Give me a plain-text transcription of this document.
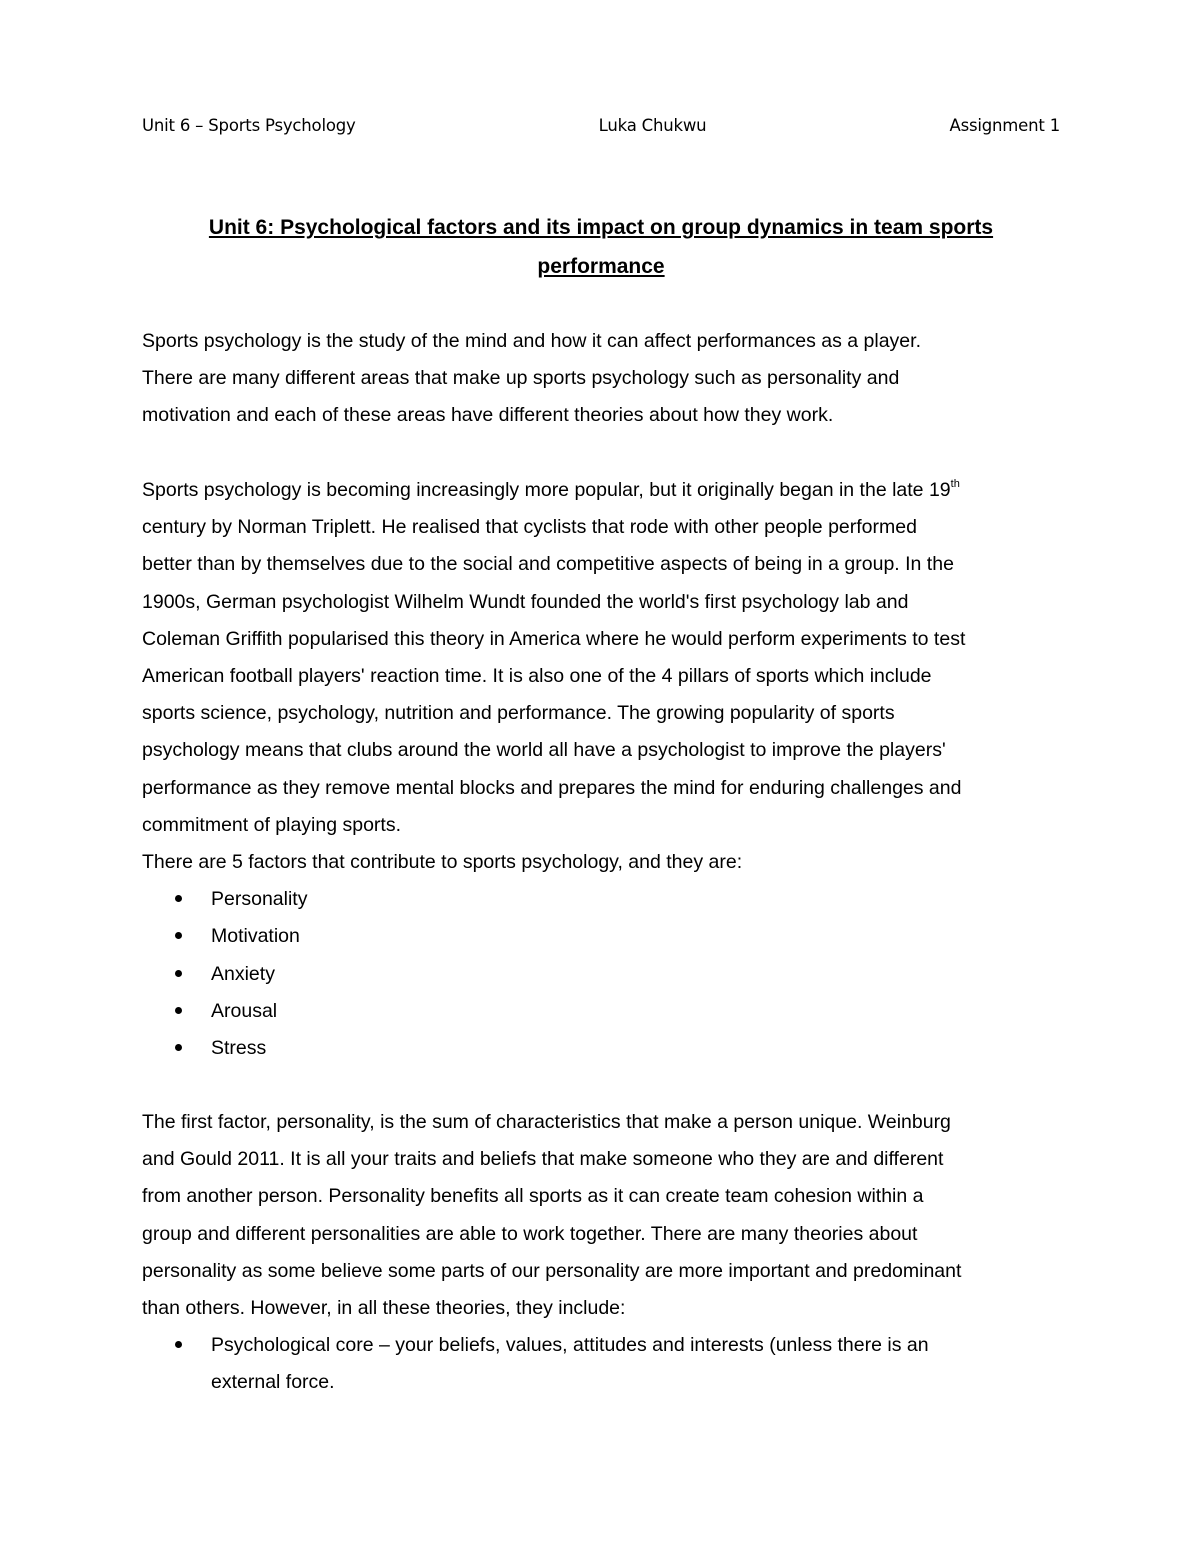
Unit 6 – Sports Psychology	Luka Chukwu	Assignment 1
Unit 6: Psychological factors and its impact on group dynamics in team sports
performance
Sports psychology is the study of the mind and how it can affect performances as a player.
There are many different areas that make up sports psychology such as personality and
motivation and each of these areas have different theories about how they work.
Sports psychology is becoming increasingly more popular, but it originally began in the late 19th
century by Norman Triplett. He realised that cyclists that rode with other people performed
better than by themselves due to the social and competitive aspects of being in a group. In the
1900s, German psychologist Wilhelm Wundt founded the world's first psychology lab and
Coleman Griffith popularised this theory in America where he would perform experiments to test
American football players' reaction time. It is also one of the 4 pillars of sports which include
sports science, psychology, nutrition and performance. The growing popularity of sports
psychology means that clubs around the world all have a psychologist to improve the players'
performance as they remove mental blocks and prepares the mind for enduring challenges and
commitment of playing sports.
There are 5 factors that contribute to sports psychology, and they are:
Personality
Motivation
Anxiety
Arousal
Stress
The first factor, personality, is the sum of characteristics that make a person unique. Weinburg
and Gould 2011. It is all your traits and beliefs that make someone who they are and different
from another person. Personality benefits all sports as it can create team cohesion within a
group and different personalities are able to work together. There are many theories about
personality as some believe some parts of our personality are more important and predominant
than others. However, in all these theories, they include:
Psychological core – your beliefs, values, attitudes and interests (unless there is an
external force.
